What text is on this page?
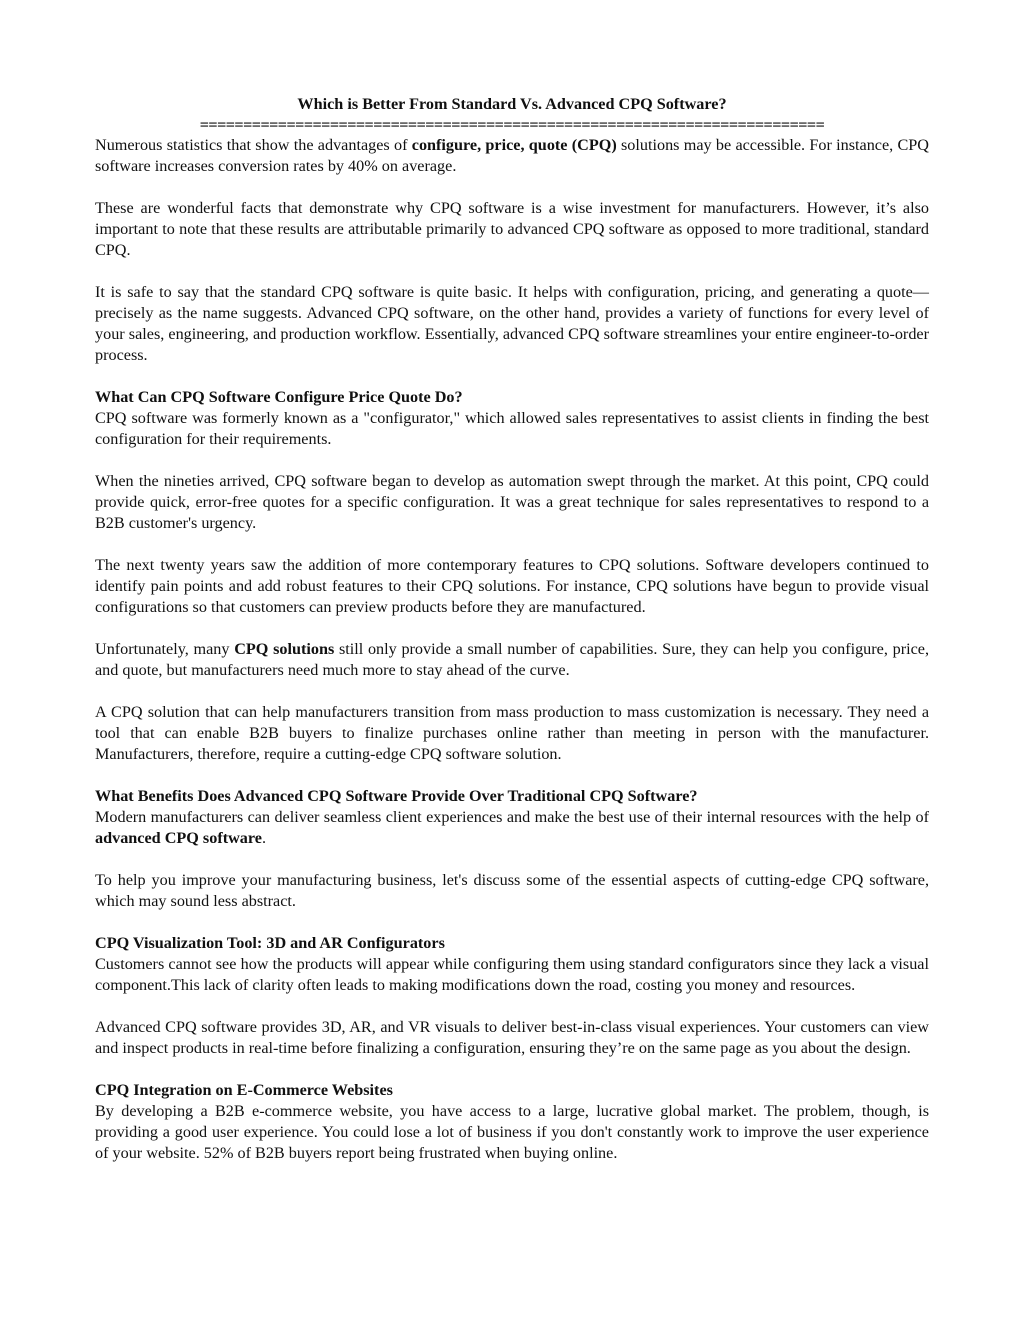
Which is Better From Standard Vs. Advanced CPQ Software?
========================================================================

Numerous statistics that show the advantages of configure, price, quote (CPQ) solutions may be accessible. For instance, CPQ software increases conversion rates by 40% on average.

These are wonderful facts that demonstrate why CPQ software is a wise investment for manufacturers. However, it’s also important to note that these results are attributable primarily to advanced CPQ software as opposed to more traditional, standard CPQ.

It is safe to say that the standard CPQ software is quite basic. It helps with configuration, pricing, and generating a quote—precisely as the name suggests. Advanced CPQ software, on the other hand, provides a variety of functions for every level of your sales, engineering, and production workflow. Essentially, advanced CPQ software streamlines your entire engineer-to-order process.

What Can CPQ Software Configure Price Quote Do?
CPQ software was formerly known as a "configurator," which allowed sales representatives to assist clients in finding the best configuration for their requirements.

When the nineties arrived, CPQ software began to develop as automation swept through the market. At this point, CPQ could provide quick, error-free quotes for a specific configuration. It was a great technique for sales representatives to respond to a B2B customer's urgency.

The next twenty years saw the addition of more contemporary features to CPQ solutions. Software developers continued to identify pain points and add robust features to their CPQ solutions. For instance, CPQ solutions have begun to provide visual configurations so that customers can preview products before they are manufactured.

Unfortunately, many CPQ solutions still only provide a small number of capabilities. Sure, they can help you configure, price, and quote, but manufacturers need much more to stay ahead of the curve.

A CPQ solution that can help manufacturers transition from mass production to mass customization is necessary. They need a tool that can enable B2B buyers to finalize purchases online rather than meeting in person with the manufacturer. Manufacturers, therefore, require a cutting-edge CPQ software solution.

What Benefits Does Advanced CPQ Software Provide Over Traditional CPQ Software?
Modern manufacturers can deliver seamless client experiences and make the best use of their internal resources with the help of advanced CPQ software.

To help you improve your manufacturing business, let's discuss some of the essential aspects of cutting-edge CPQ software, which may sound less abstract.

CPQ Visualization Tool: 3D and AR Configurators
Customers cannot see how the products will appear while configuring them using standard configurators since they lack a visual component.This lack of clarity often leads to making modifications down the road, costing you money and resources.

Advanced CPQ software provides 3D, AR, and VR visuals to deliver best-in-class visual experiences. Your customers can view and inspect products in real-time before finalizing a configuration, ensuring they’re on the same page as you about the design.

CPQ Integration on E-Commerce Websites
By developing a B2B e-commerce website, you have access to a large, lucrative global market. The problem, though, is providing a good user experience. You could lose a lot of business if you don't constantly work to improve the user experience of your website. 52% of B2B buyers report being frustrated when buying online.
